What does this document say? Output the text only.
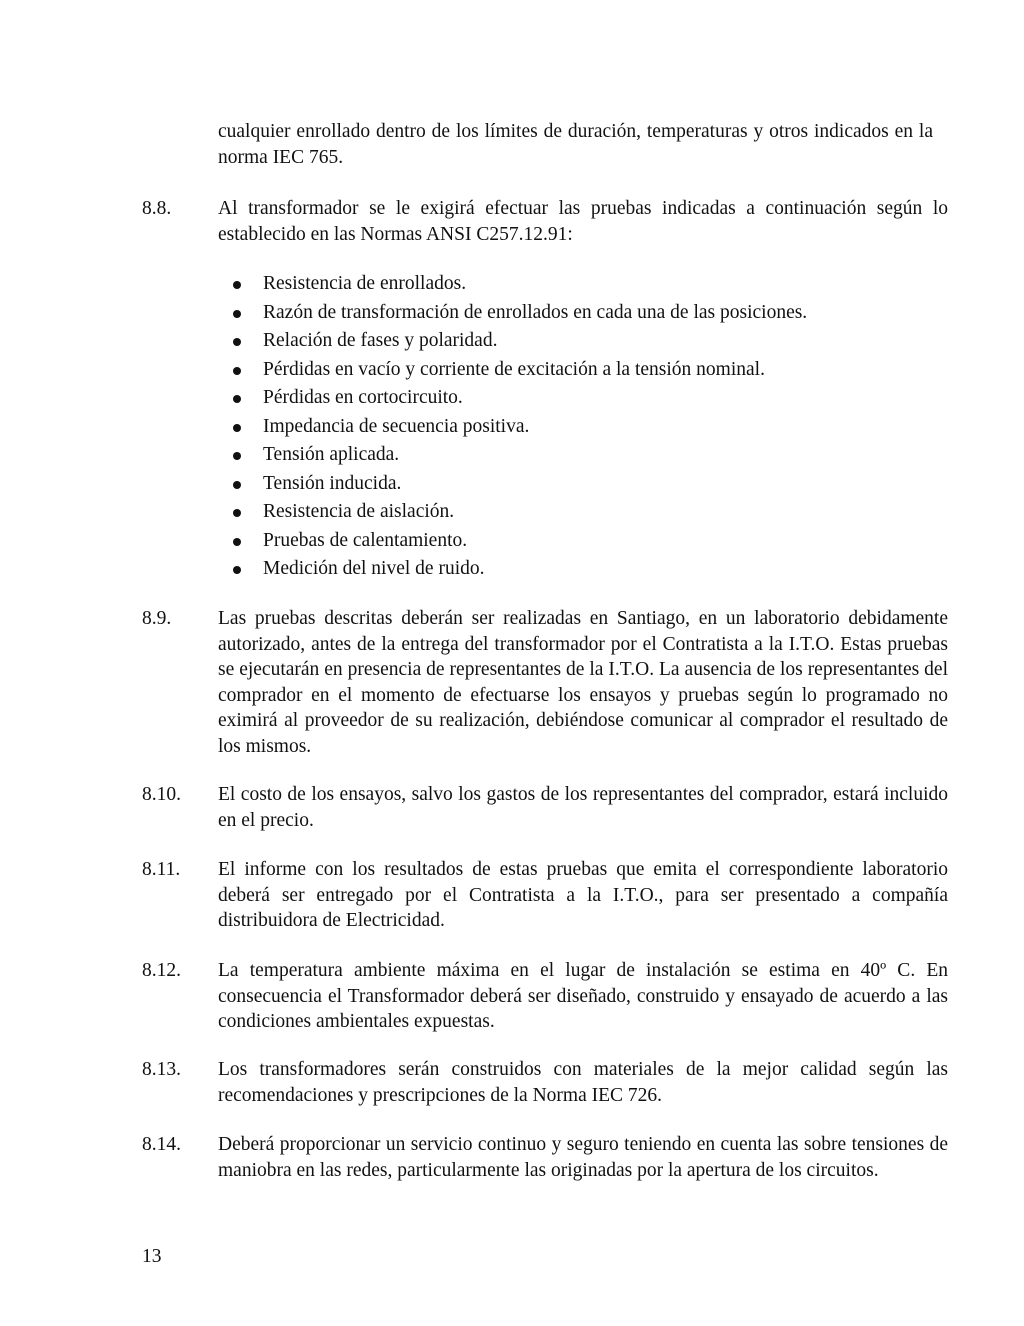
cualquier enrollado dentro de los límites de duración, temperaturas y otros indicados en la norma IEC 765.
8.8.	Al transformador se le exigirá efectuar las pruebas indicadas a continuación según lo establecido en las Normas ANSI C257.12.91:
Resistencia de enrollados.
Razón de transformación de enrollados en cada una de las posiciones.
Relación de fases y polaridad.
Pérdidas en vacío y corriente de excitación a la tensión nominal.
Pérdidas en cortocircuito.
Impedancia de secuencia positiva.
Tensión aplicada.
Tensión inducida.
Resistencia de aislación.
Pruebas de calentamiento.
Medición del nivel de ruido.
8.9.	Las pruebas descritas deberán ser realizadas en Santiago, en un laboratorio debidamente autorizado, antes de la entrega del transformador por el Contratista a la I.T.O. Estas pruebas se ejecutarán en presencia de representantes de la I.T.O. La ausencia de los representantes del comprador en el momento de efectuarse los ensayos y pruebas según lo programado no eximirá al proveedor de su realización, debiéndose comunicar al comprador el resultado de los mismos.
8.10.	El costo de los ensayos, salvo los gastos de los representantes del comprador, estará incluido en el precio.
8.11.	El informe con los resultados de estas pruebas que emita el correspondiente laboratorio deberá ser entregado por el Contratista a la I.T.O., para ser presentado a compañía distribuidora de Electricidad.
8.12.	La temperatura ambiente máxima en el lugar de instalación se estima en 40º C. En consecuencia el Transformador deberá ser diseñado, construido y ensayado de acuerdo a las condiciones ambientales expuestas.
8.13.	Los transformadores serán construidos con materiales de la mejor calidad según las recomendaciones y prescripciones de la Norma IEC 726.
8.14.	Deberá proporcionar un servicio continuo y seguro teniendo en cuenta las sobre tensiones de maniobra en las redes, particularmente las originadas por la apertura de los circuitos.
13
